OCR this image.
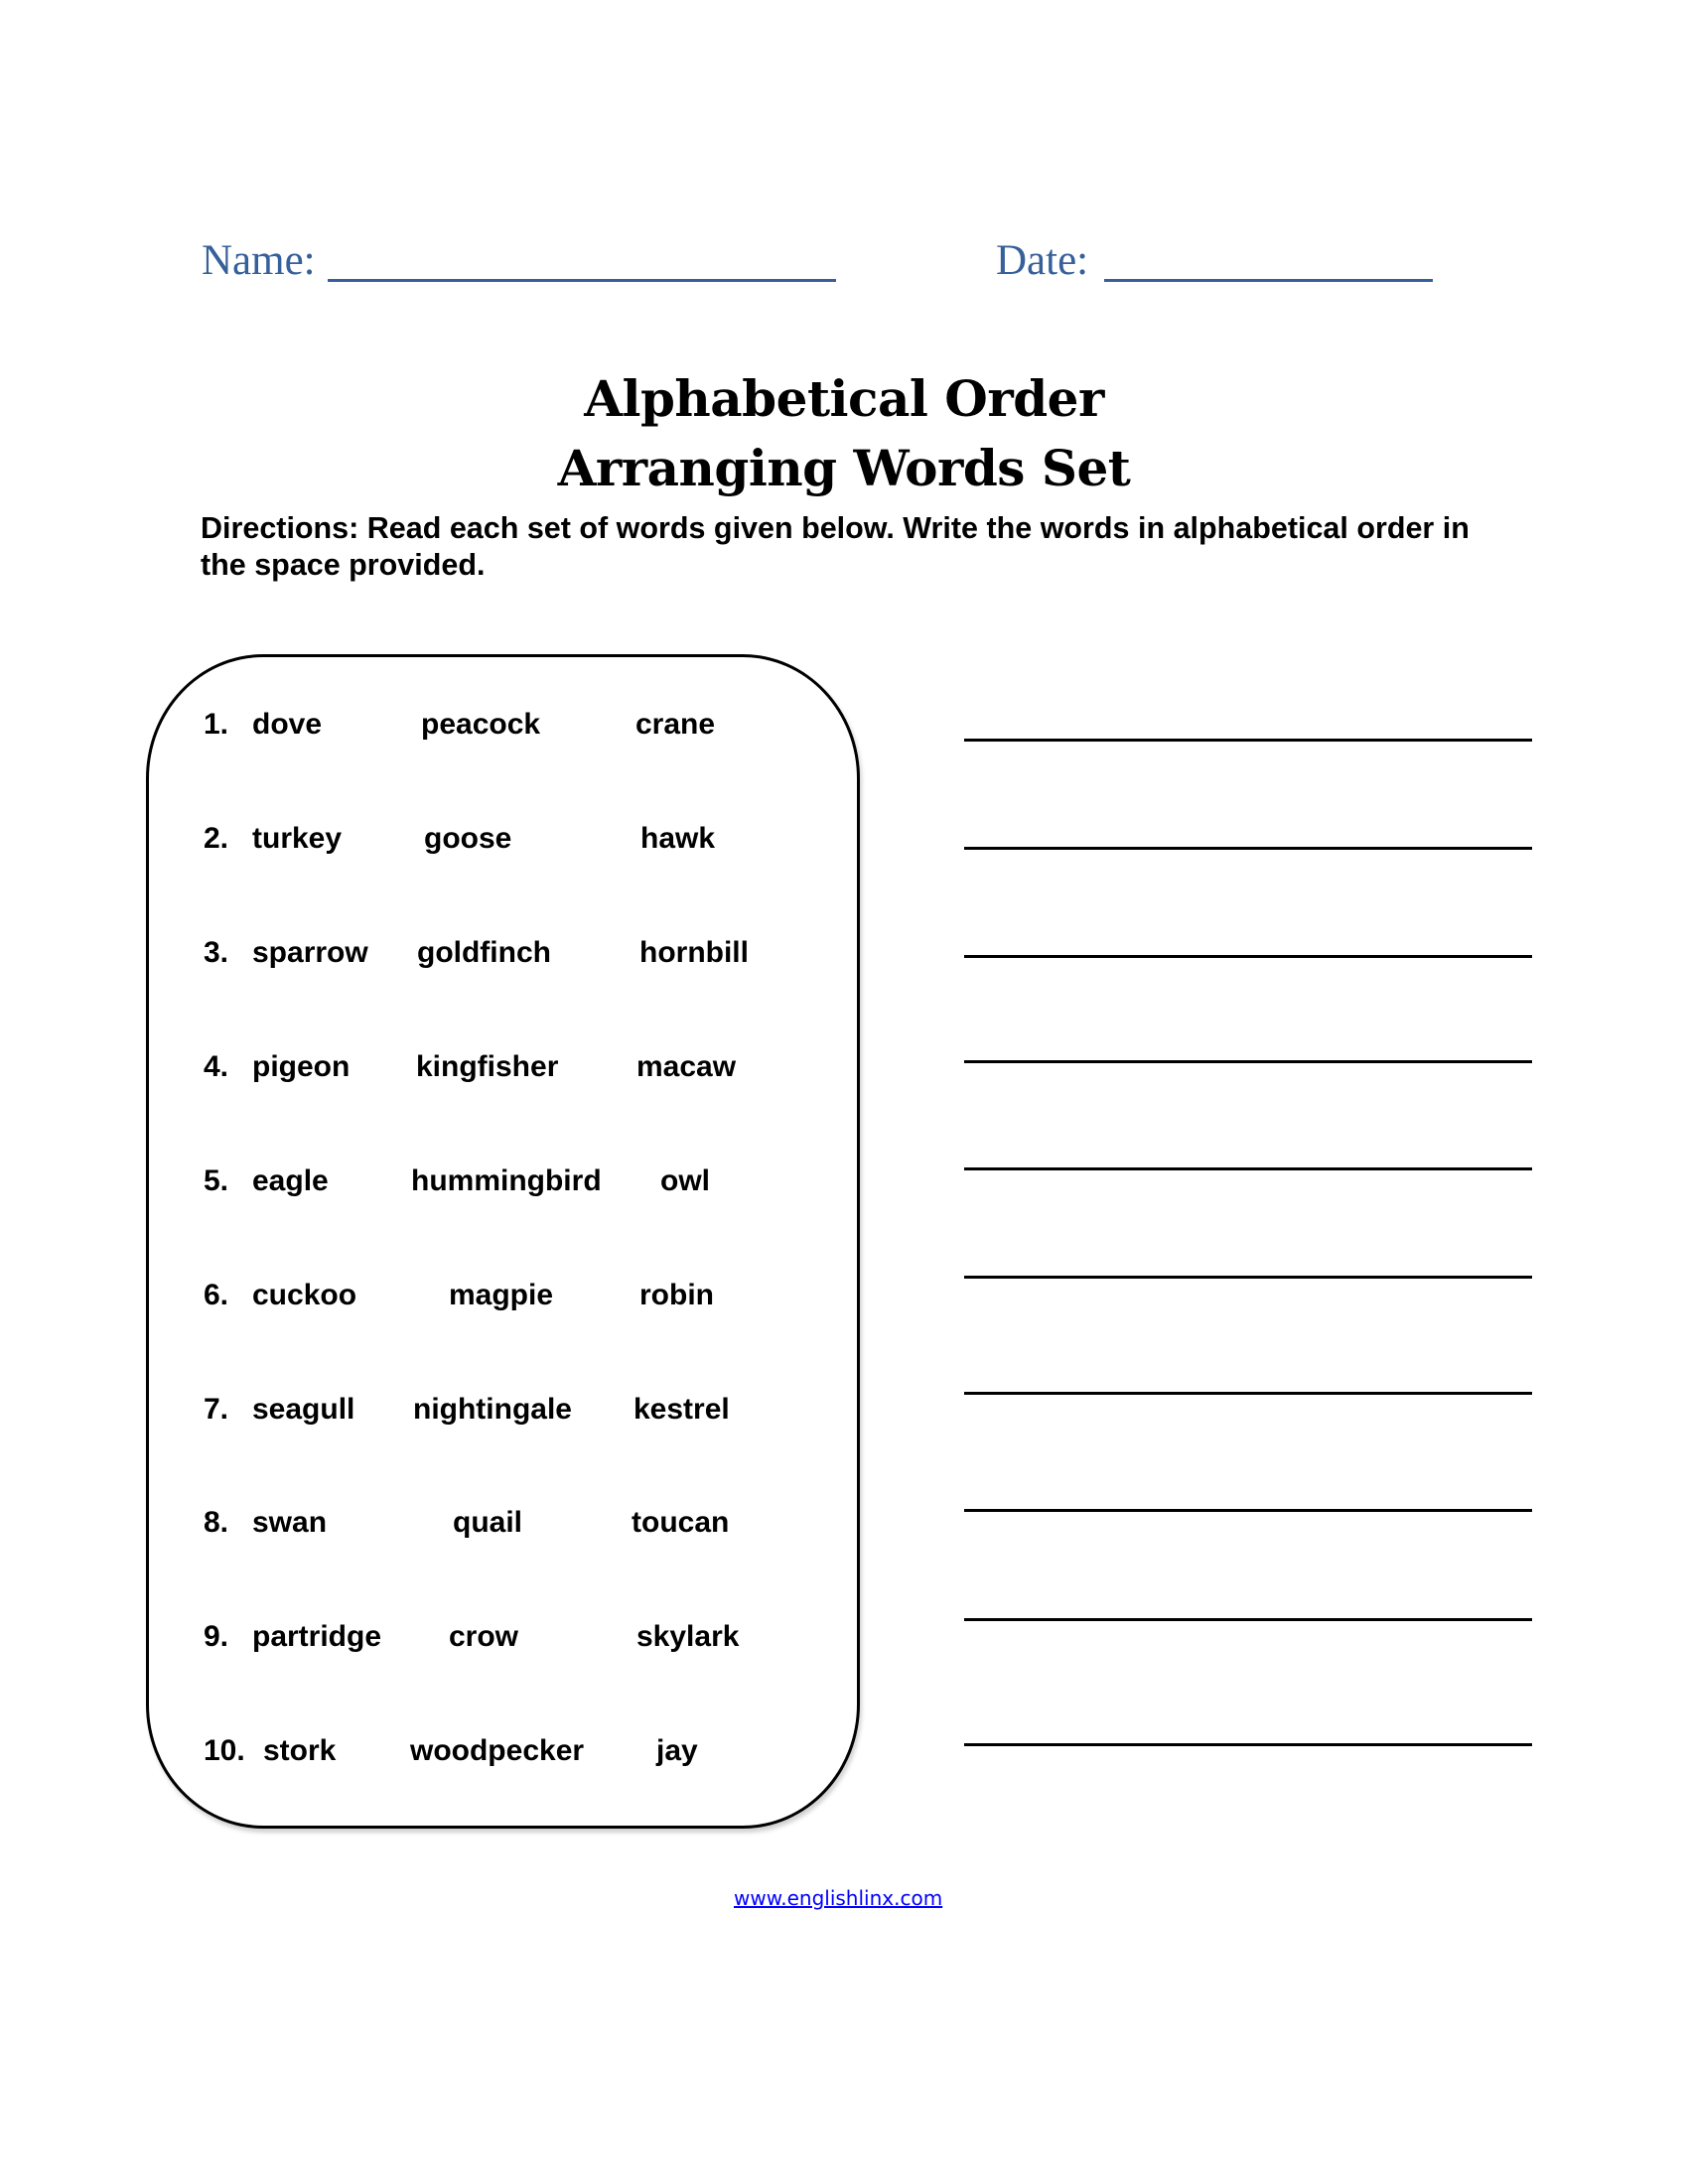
Name:	Date:
Alphabetical Order
Arranging Words Set
Directions: Read each set of words given below. Write the words in alphabetical order in the space provided.
1. dove	peacock	crane
2. turkey	goose	hawk
3. sparrow goldfinch	hornbill
4. pigeon kingfisher	macaw
5. eagle	hummingbird owl
6. cuckoo	magpie	robin
7. seagull nightingale kestrel
8. swan	quail	toucan
9. partridge crow	skylark
10. stork woodpecker jay
www.englishlinx.com
